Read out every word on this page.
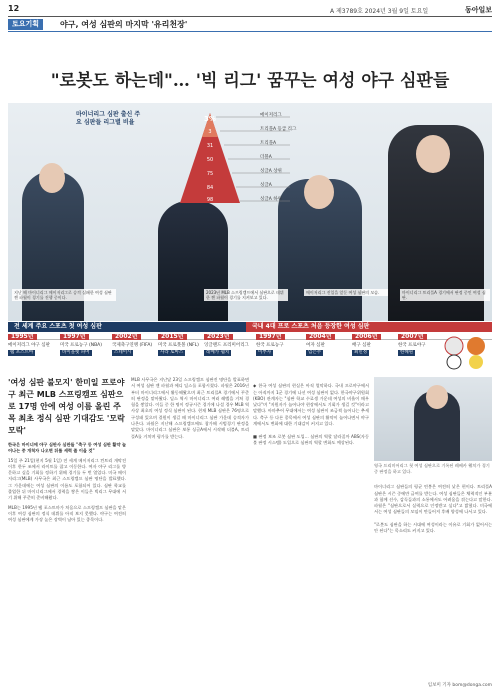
12	A 제3789호 2024년 3월 9일 토요일	동아일보
토요기획	야구, 여성 심판의 마지막 '유리천장'
"로봇도 하는데"… '빅 리그' 꿈꾸는 여성 야구 심판들
마이너리그 심판 출신 주요 심판들 리그별 비율	3%
3
31
50
75
84
98
메이저리그
트리플A 등급 리그
트리플A
더블A
싱글A 상위
싱글A
싱글A 하위
지난 해 마이너리그 메이저리그로 승격 실패한 여성 심판 젠 파월이 경기를 진행 중이다.
2023년 MLB 스프링캠프에서 심판으로 데뷔한 젠 파월이 경기를 지켜보고 있다.
메이저리그 진입을 앞둔 여성 심판의 모습.	마이너리그 트리플A 경기에서 판정 중인 여성 심판.
전 세계 주요 스포츠 첫 여성 심판	국내 4대 프로 스포츠 처음 등장한 여성 심판
1995년
메이저리그 야구 심판
팸 포스트마
1997년
미국 프로농구 (NBA)
바이올렛 파머
2002년
국제축구연맹 (FIFA)
스테이시
2015년
미국 프로풋볼 (NFL)
사라 토마스
2023년
잉글랜드 프리미어리그
레베카 웰치
1997년
한국 프로농구
이부자
2004년
여자 심판
임은주
2006년
배구 심판
최민정
2007년
한국 프로야구
한혜원
'여성 심판 불모지' 한미일 프로야구 최근 MLB 스프링캠프 심판으로 17명 안에 여성 이름 올린 주목 최초 정식 심판 기대감도 '모락모락'

한국은 마이너에 야구 심판사 심판들 "축구 등 여성 심판 활약 늘어나는 중 개척자 나오면 뒤를 세력 줄 이을 것"

15일 주 21일(현지 5월 1일) 전 세계 메이저리그 컨트리 개막전 이후 한두 조에서 라이트를 잡고 이동한다. 여자 야구 리그를 방문하고 싶을 기회를 정하기 위해 경기를 두 번 열었다. 미국 메이저리그(MLB) 사무국은 최근 스프링캠프 심판 명단을 발표했다. 그 가운데에는 여성 심판의 이름도 포함되어 있다. 심판 학교를 졸업한 뒤 마이너리그에서 경력을 쌓은 이들은 빅리그 무대에 서기 위해 꾸준히 준비해왔다.

MLB는 1995년 팸 포스트마가 처음으로 스프링캠프 심판을 맡은 이후 여성 심판의 정식 데뷔를 아직 보지 못했다. 야구는 여전히 여성 심판에게 가장 높은 장벽이 남아 있는 종목이다.

MLB 사무국은 지난달 23일 스프링캠프 심판진 명단을 발표하면서 여성 심판 젠 파월과 에디 딜스를 포함시켰다. 파월은 2016년부터 마이너리그에서 활동해왔으며 최근 트리플A 경기에서 꾸준히 판정을 맡아왔다. 딜스 역시 마이너리그 여러 레벨을 거쳐 경험을 쌓았다. 이들 중 한 명이 정규시즌 경기에 나설 경우 MLB 역사상 최초의 여성 정식 심판이 된다. 현재 MLB 심판은 76명으로 구성돼 있으며 결원이 생길 때 마이너리그 심판 가운데 승격자가 나온다. 파월은 지난해 스프링캠프에도 참가해 시범경기 판정을 맡았다. 마이너리그 심판은 보통 싱글A에서 시작해 더블A, 트리플A를 거치며 평가를 받는다.

◆ 한국 여성 심판의 현실은 아직 열악하다. 국내 프로야구에서는 아직까지 1군 경기에 나선 여성 심판이 없다. 한국야구위원회(KBO) 관계자는 "심판 학교 수료생 가운데 여성의 비율이 매우 낮다"며 "지원자가 늘어나야 현장에서도 기회가 생길 것"이라고 말했다. 아마추어 무대에서는 여성 심판이 조금씩 늘어나는 추세다. 축구 등 다른 종목에서 여성 심판의 활약이 늘어나면서 야구계에서도 변화에 대한 기대감이 커지고 있다.

■ 판정 보조 로봇 심판 도입… 심판의 역할 달라질까 ABS(자동 볼 판정 시스템) 도입으로 심판의 역할 변화도 예상된다.

영국 프리미어리그 첫 여성 심판으로 기록된 레베카 웰치가 경기 중 판정을 하고 있다.

마이너리그 심판들의 평균 연봉은 여전히 낮은 편이다. 트리플A 심판은 시즌 중에만 급여를 받는다. 여성 심판들은 체력적인 부분과 함께 선수, 감독들과의 소통에서도 어려움을 겪는다고 말한다. 파월은 "심판으로서 실력으로 인정받고 싶다"고 밝혔다. 미국에서는 여성 심판들의 모임이 만들어져 후배 양성에 나서고 있다.

"로봇도 심판을 하는 시대에 여성이라는 이유로 기회가 없어서는 안 된다"는 목소리도 커지고 있다.

임보미 기자 bom@donga.com
